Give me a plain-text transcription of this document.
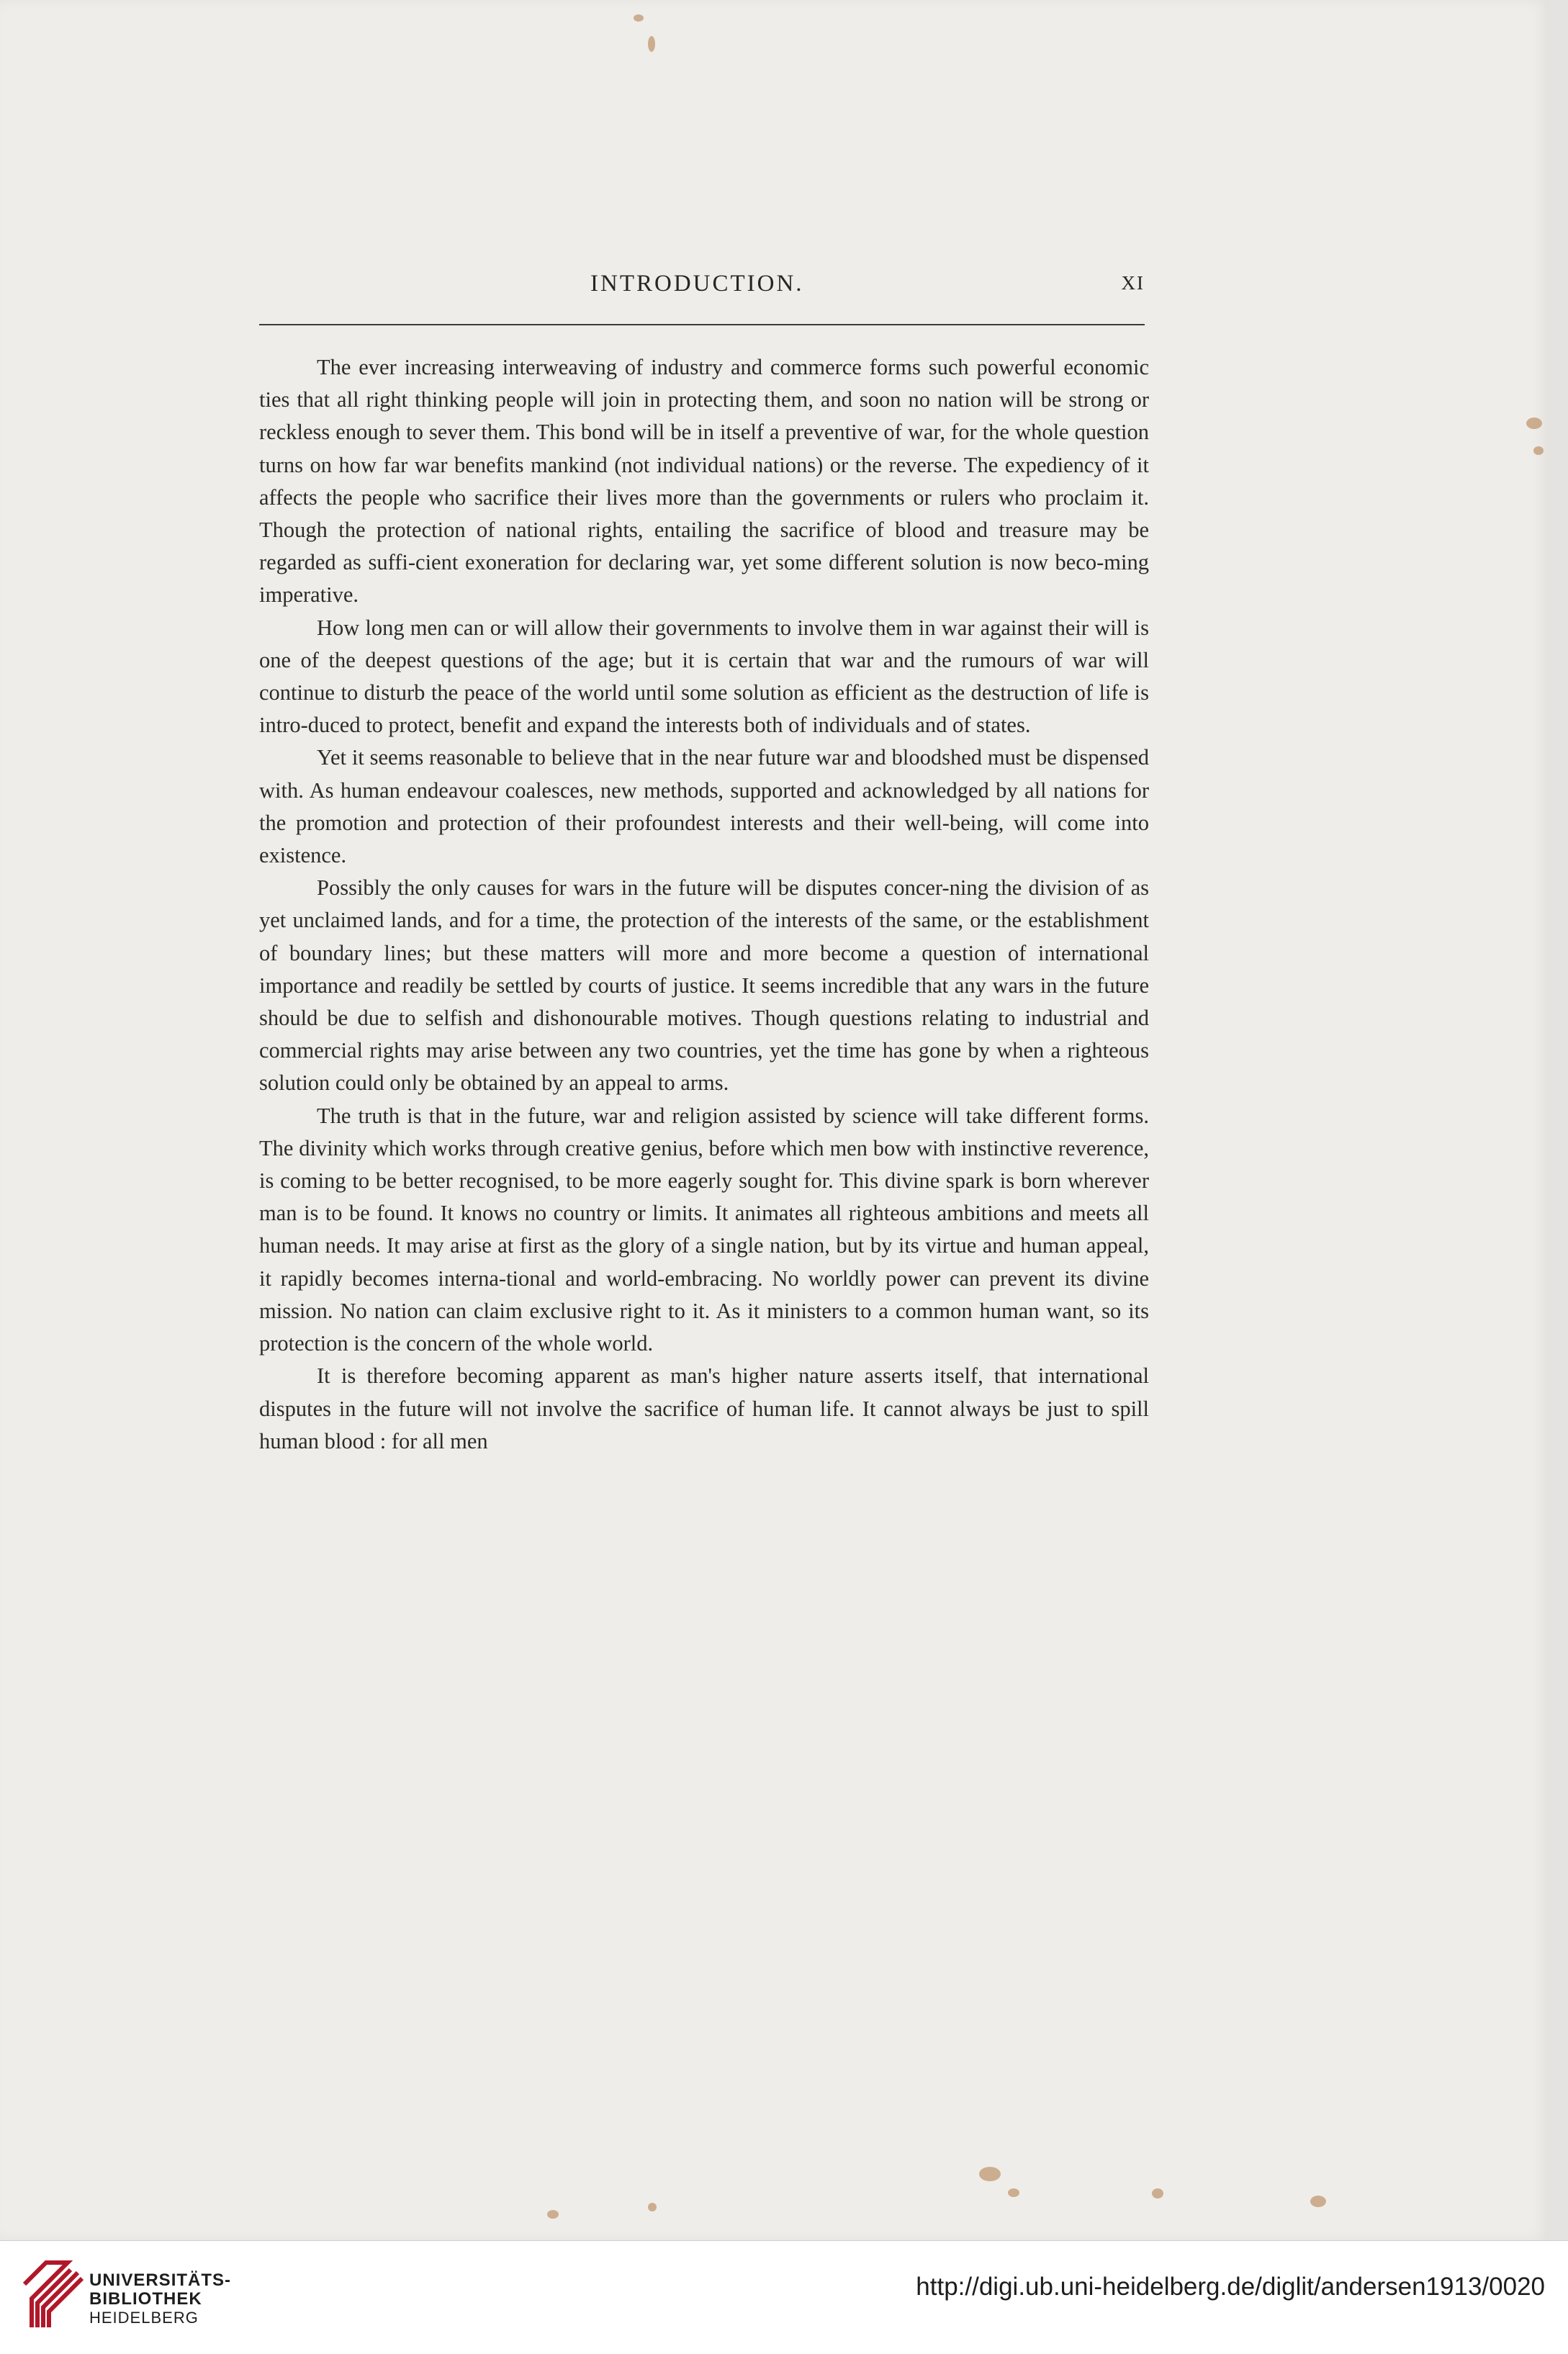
INTRODUCTION.	XI

The ever increasing interweaving of industry and commerce forms such powerful economic ties that all right thinking people will join in protecting them, and soon no nation will be strong or reckless enough to sever them. This bond will be in itself a preventive of war, for the whole question turns on how far war benefits mankind (not individual nations) or the reverse. The expediency of it affects the people who sacrifice their lives more than the governments or rulers who proclaim it. Though the protection of national rights, entailing the sacrifice of blood and treasure may be regarded as suffi-cient exoneration for declaring war, yet some different solution is now beco-ming imperative.

How long men can or will allow their governments to involve them in war against their will is one of the deepest questions of the age; but it is certain that war and the rumours of war will continue to disturb the peace of the world until some solution as efficient as the destruction of life is intro-duced to protect, benefit and expand the interests both of individuals and of states.

Yet it seems reasonable to believe that in the near future war and bloodshed must be dispensed with. As human endeavour coalesces, new methods, supported and acknowledged by all nations for the promotion and protection of their profoundest interests and their well-being, will come into existence.

Possibly the only causes for wars in the future will be disputes concer-ning the division of as yet unclaimed lands, and for a time, the protection of the interests of the same, or the establishment of boundary lines; but these matters will more and more become a question of international importance and readily be settled by courts of justice. It seems incredible that any wars in the future should be due to selfish and dishonourable motives. Though questions relating to industrial and commercial rights may arise between any two countries, yet the time has gone by when a righteous solution could only be obtained by an appeal to arms.

The truth is that in the future, war and religion assisted by science will take different forms. The divinity which works through creative genius, before which men bow with instinctive reverence, is coming to be better recognised, to be more eagerly sought for. This divine spark is born wherever man is to be found. It knows no country or limits. It animates all righteous ambitions and meets all human needs. It may arise at first as the glory of a single nation, but by its virtue and human appeal, it rapidly becomes interna-tional and world-embracing. No worldly power can prevent its divine mission. No nation can claim exclusive right to it. As it ministers to a common human want, so its protection is the concern of the whole world.

It is therefore becoming apparent as man's higher nature asserts itself, that international disputes in the future will not involve the sacrifice of human life. It cannot always be just to spill human blood : for all men

UNIVERSITÄTS-
BIBLIOTHEK
HEIDELBERG
http://digi.ub.uni-heidelberg.de/diglit/andersen1913/0020
